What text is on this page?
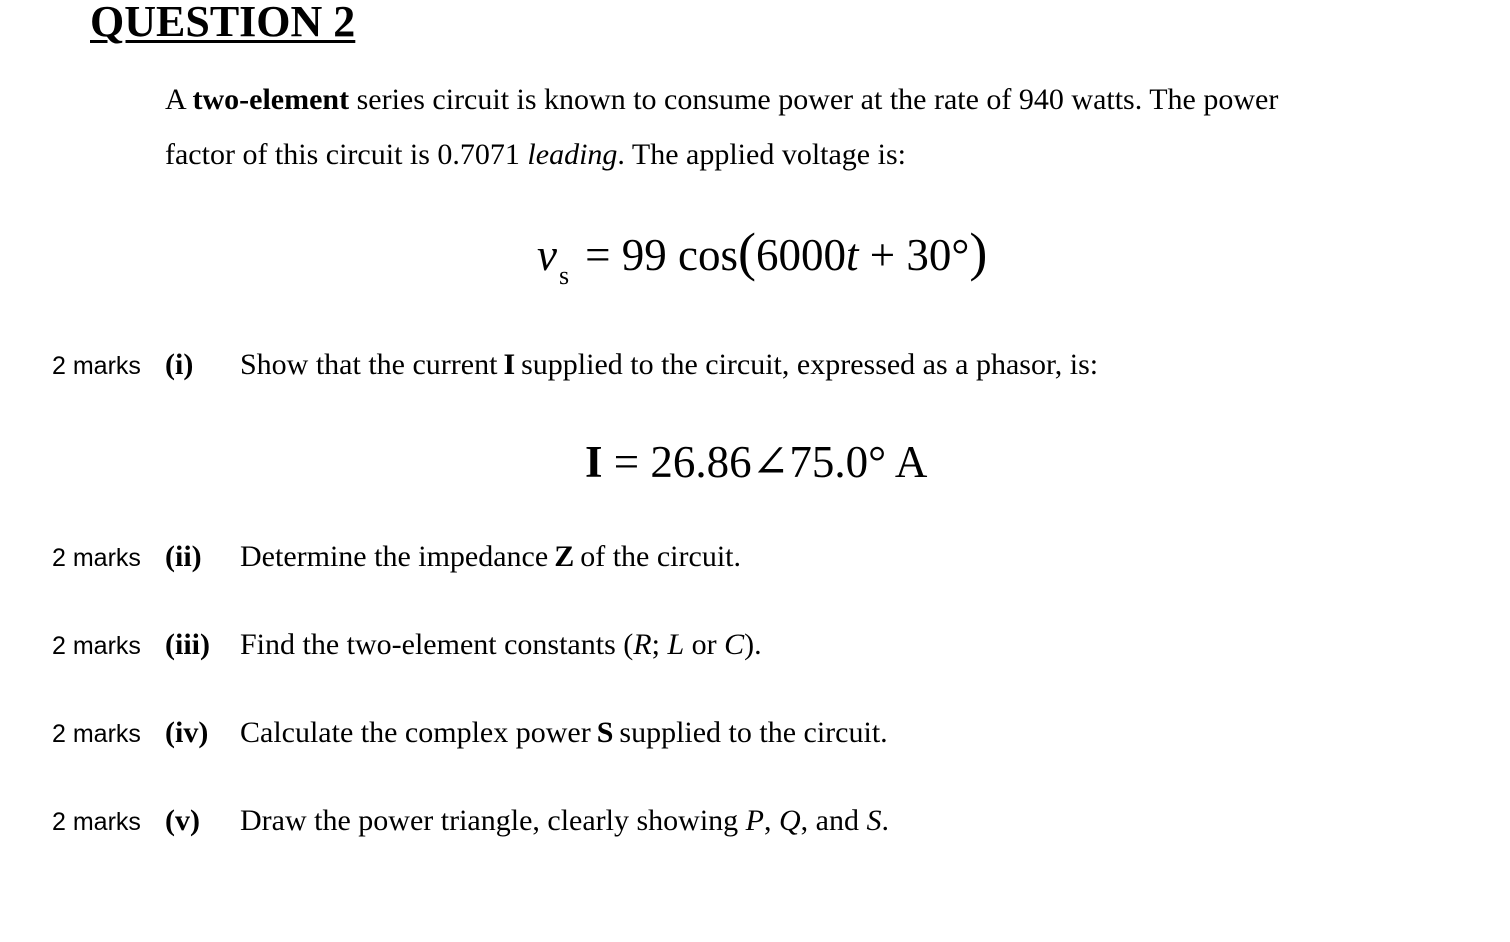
QUESTION 2
A two-element series circuit is known to consume power at the rate of 940 watts. The power
factor of this circuit is 0.7071 leading. The applied voltage is:
$v_s = 99$ cos(6000t + 30°)
2 marks (i) Show that the current I supplied to the circuit, expressed as a phasor, is:
I = 26.86∠75.0° A
2 marks (ii) Determine the impedance Z of the circuit.
2 marks (iii) Find the two-element constants (R; L or C).
2 marks (iv) Calculate the complex power S supplied to the circuit.
2 marks (v) Draw the power triangle, clearly showing P, Q, and S.
